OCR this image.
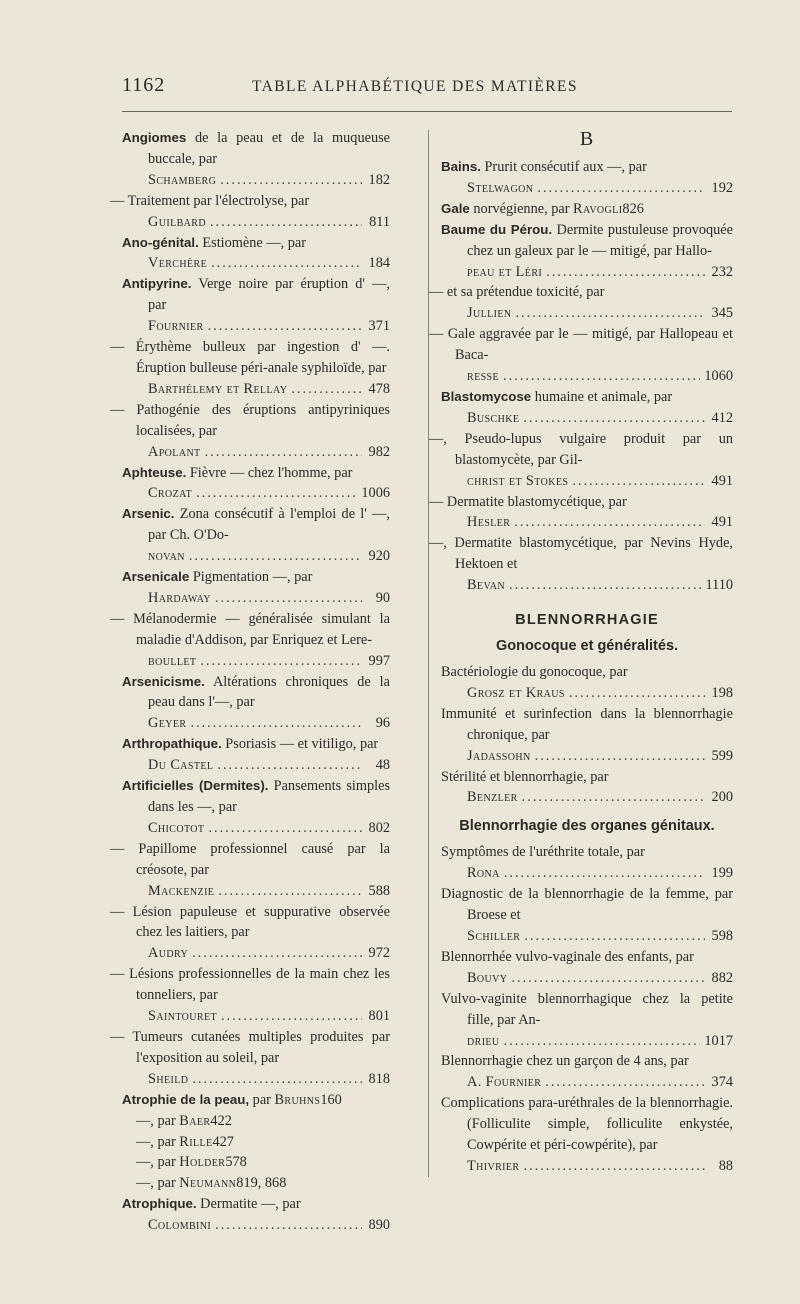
1162	TABLE ALPHABÉTIQUE DES MATIÈRES
Angiomes de la peau et de la muqueuse buccale, par
Schamberg .....	182
— Traitement par l'électrolyse, par
Guilbard .....	811
Ano-génital. Estiomène —, par
Verchère .....	184
Antipyrine. Verge noire par éruption d' —, par
Fournier .....	371
— Érythème bulleux par ingestion d' —. Éruption bulleuse péri-anale syphiloïde, par
Barthélemy et Rellay .....	478
— Pathogénie des éruptions antipyriniques localisées, par
Apolant .....	982
Aphteuse. Fièvre — chez l'homme, par
Crozat .....	1006
Arsenic. Zona consécutif à l'emploi de l' —, par Ch. O'Do-
novan .....	920
Arsenicale Pigmentation —, par
Hardaway .....	90
— Mélanodermie — généralisée simulant la maladie d'Addison, par Enriquez et Lere-
boullet .....	997
Arsenicisme. Altérations chroniques de la peau dans l'—, par
Geyer .....	96
Arthropathique. Psoriasis — et vitiligo, par
Du Castel .....	48
Artificielles (Dermites). Pansements simples dans les —, par
Chicotot .....	802
— Papillome professionnel causé par la créosote, par
Mackenzie .....	588
— Lésion papuleuse et suppurative observée chez les laitiers, par
Audry .....	972
— Lésions professionnelles de la main chez les tonneliers, par
Saintouret .....	801
— Tumeurs cutanées multiples produites par l'exposition au soleil, par
Sheild .....	818
Atrophie de la peau, par Bruhns 160
—, par Baer 422
—, par Rille 427
—, par Holder 578
—, par Neumann 819, 868
Atrophique. Dermatite —, par
Colombini .....	890
B
Bains. Prurit consécutif aux —, par
Stelwagon .....	192
Gale norvégienne, par Ravogli 826
Baume du Pérou. Dermite pustuleuse provoquée chez un galeux par le — mitigé, par Hallo-
peau et Léri .....	232
— et sa prétendue toxicité, par
Jullien .....	345
— Gale aggravée par le — mitigé, par Hallopeau et Baca-
resse .....	1060
Blastomycose humaine et animale, par
Buschke .....	412
—, Pseudo-lupus vulgaire produit par un blastomycète, par Gil-
christ et Stokes .....	491
— Dermatite blastomycétique, par
Hesler .....	491
—, Dermatite blastomycétique, par Nevins Hyde, Hektoen et
Bevan .....	1110
BLENNORRHAGIE
Gonocoque et généralités.
Bactériologie du gonocoque, par
Grosz et Kraus .....	198
Immunité et surinfection dans la blennorrhagie chronique, par
Jadassohn .....	599
Stérilité et blennorrhagie, par
Benzler .....	200
Blennorrhagie des organes génitaux.
Symptômes de l'uréthrite totale, par
Rona .....	199
Diagnostic de la blennorrhagie de la femme, par Broese et
Schiller .....	598
Blennorrhée vulvo-vaginale des enfants, par
Bouvy .....	882
Vulvo-vaginite blennorrhagique chez la petite fille, par An-
drieu .....	1017
Blennorrhagie chez un garçon de 4 ans, par
A. Fournier .....	374
Complications para-uréthrales de la blennorrhagie. (Folliculite simple, folliculite enkystée, Cowpérite et péri-cowpérite), par
Thivrier .....	88
